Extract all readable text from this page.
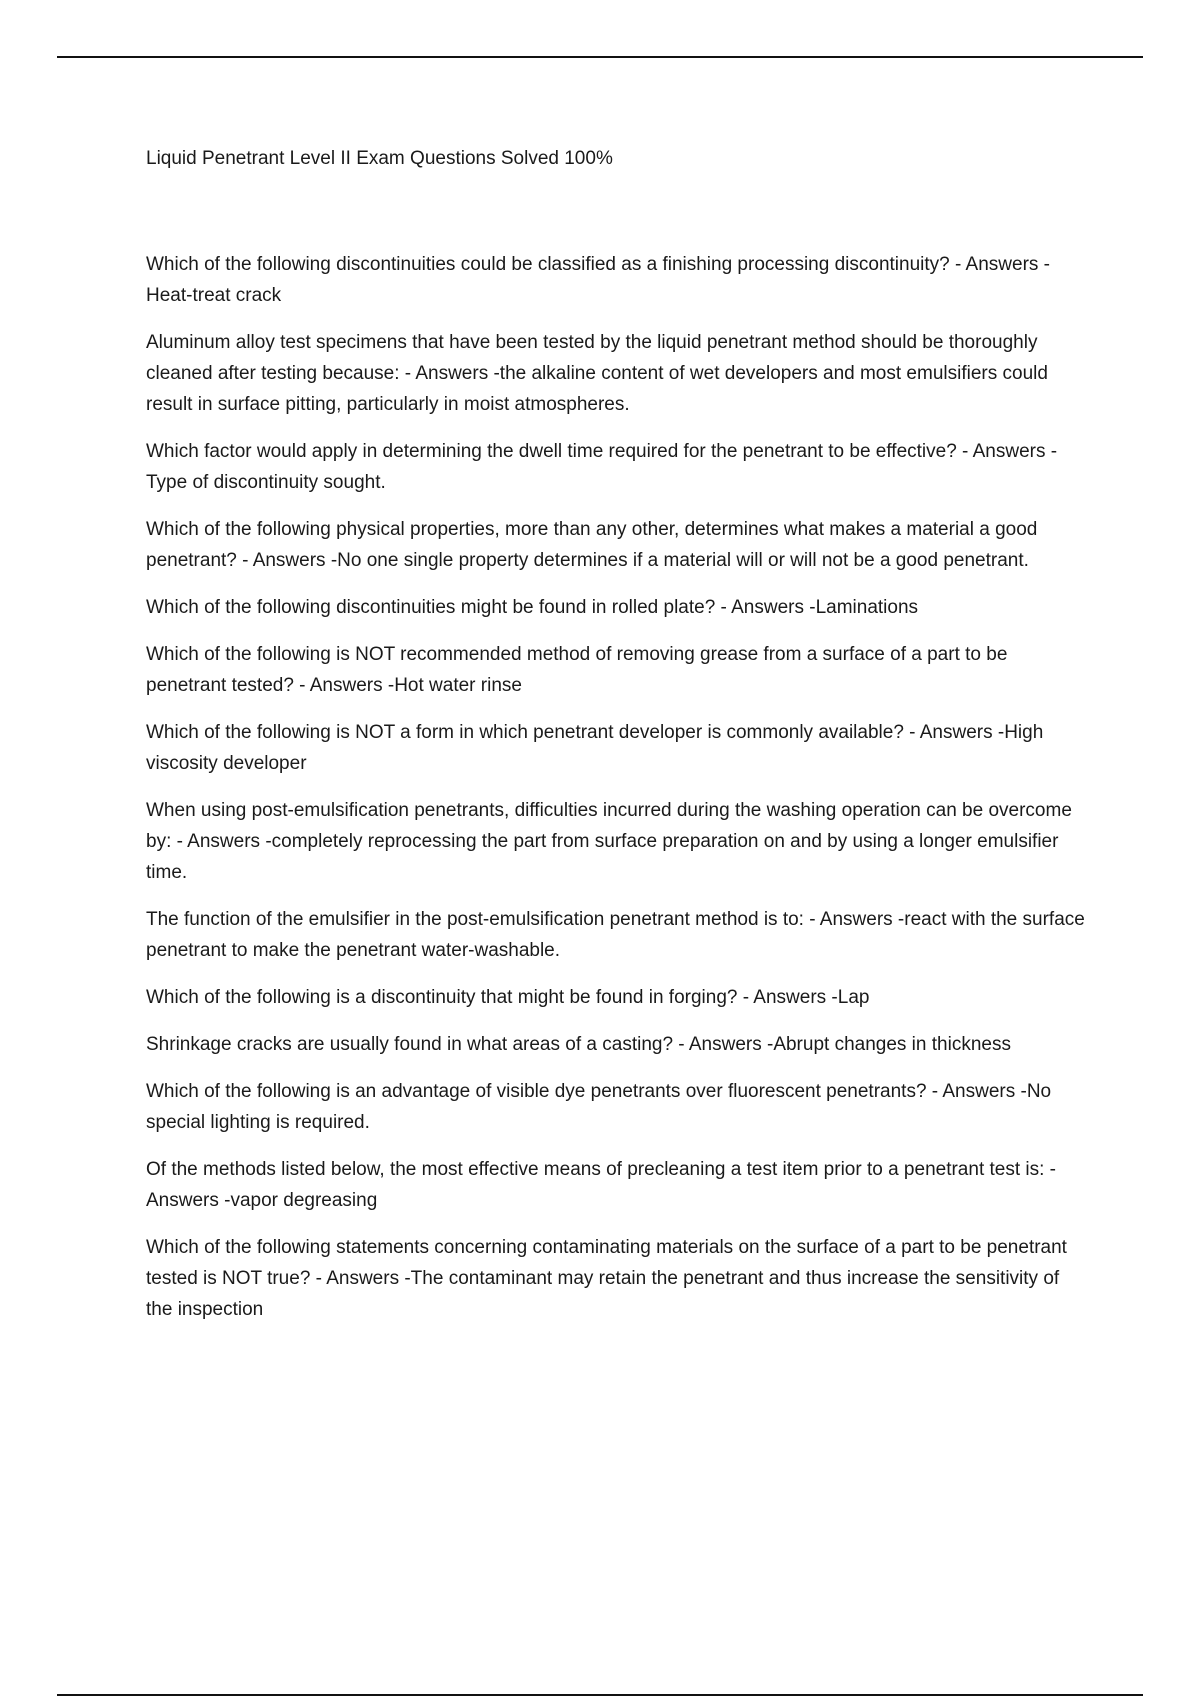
Liquid Penetrant Level II Exam Questions Solved 100%

Which of the following discontinuities could be classified as a finishing processing discontinuity? - Answers -Heat-treat crack

Aluminum alloy test specimens that have been tested by the liquid penetrant method should be thoroughly cleaned after testing because: - Answers -the alkaline content of wet developers and most emulsifiers could result in surface pitting, particularly in moist atmospheres.

Which factor would apply in determining the dwell time required for the penetrant to be effective? - Answers -Type of discontinuity sought.

Which of the following physical properties, more than any other, determines what makes a material a good penetrant? - Answers -No one single property determines if a material will or will not be a good penetrant.

Which of the following discontinuities might be found in rolled plate? - Answers -Laminations

Which of the following is NOT recommended method of removing grease from a surface of a part to be penetrant tested? - Answers -Hot water rinse

Which of the following is NOT a form in which penetrant developer is commonly available? - Answers -High viscosity developer

When using post-emulsification penetrants, difficulties incurred during the washing operation can be overcome by: - Answers -completely reprocessing the part from surface preparation on and by using a longer emulsifier time.

The function of the emulsifier in the post-emulsification penetrant method is to: - Answers -react with the surface penetrant to make the penetrant water-washable.

Which of the following is a discontinuity that might be found in forging? - Answers -Lap

Shrinkage cracks are usually found in what areas of a casting? - Answers -Abrupt changes in thickness

Which of the following is an advantage of visible dye penetrants over fluorescent penetrants? - Answers -No special lighting is required.

Of the methods listed below, the most effective means of precleaning a test item prior to a penetrant test is: - Answers -vapor degreasing

Which of the following statements concerning contaminating materials on the surface of a part to be penetrant tested is NOT true? - Answers -The contaminant may retain the penetrant and thus increase the sensitivity of the inspection
